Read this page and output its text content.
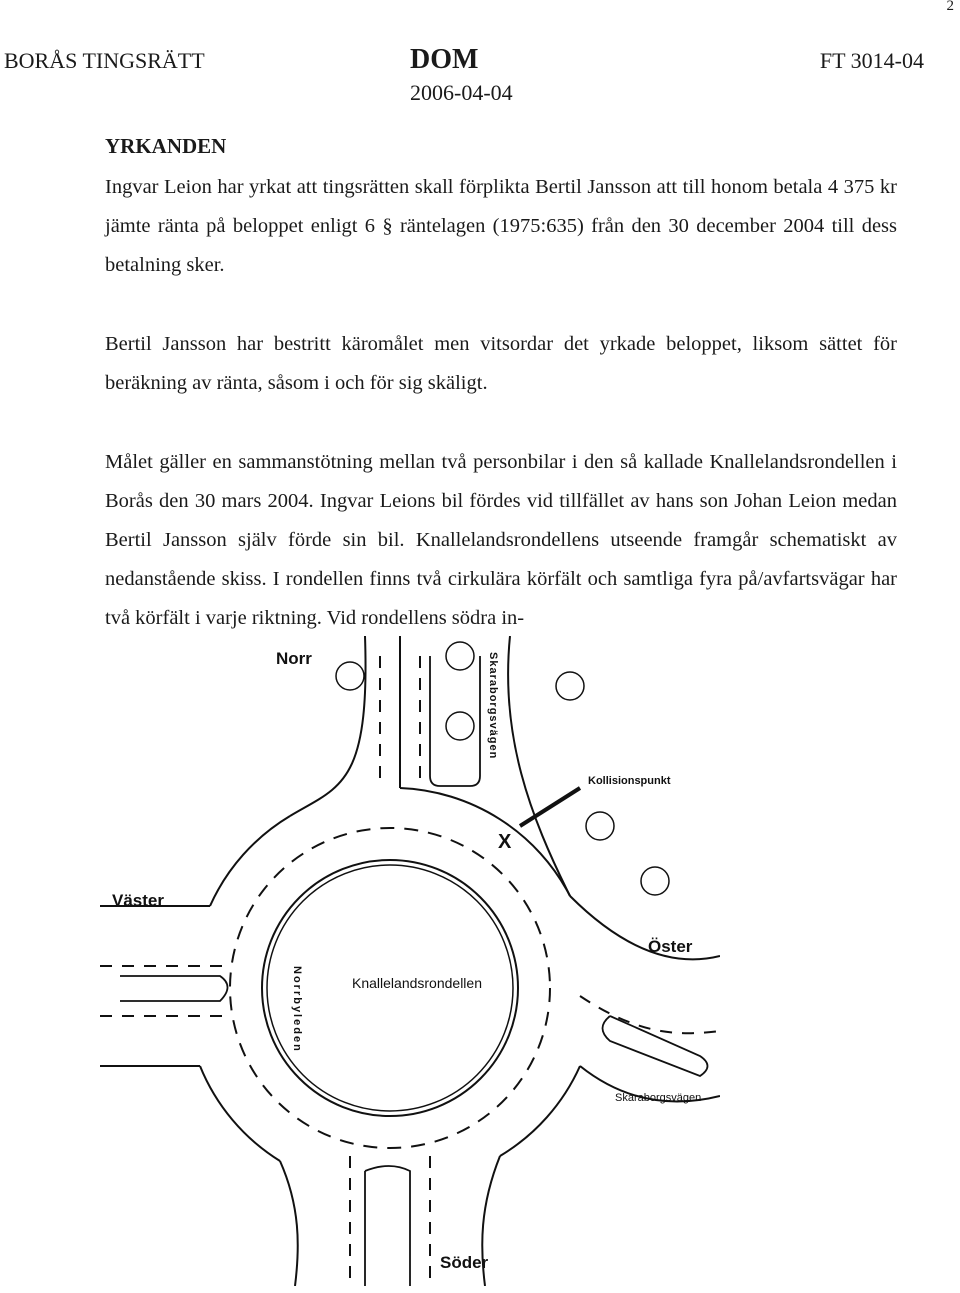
2
BORÅS TINGSRÄTT	DOM
2006-04-04
FT 3014-04
YRKANDEN

Ingvar Leion har yrkat att tingsrätten skall förplikta Bertil Jansson att till honom betala 4 375 kr jämte ränta på beloppet enligt 6 § räntelagen (1975:635) från den 30 december 2004 till dess betalning sker.

Bertil Jansson har bestritt käromålet men vitsordar det yrkade beloppet, liksom sättet för beräkning av ränta, såsom i och för sig skäligt.

Målet gäller en sammanstötning mellan två personbilar i den så kallade Knallelandsrondellen i Borås den 30 mars 2004. Ingvar Leions bil fördes vid tillfället av hans son Johan Leion medan Bertil Jansson själv förde sin bil. Knallelandsrondellens utseende framgår schematiskt av nedanstående skiss. I rondellen finns två cirkulära körfält och samtliga fyra på/avfartsvägar har två körfält i varje riktning. Vid rondellens södra in-

Norr
Väster
Öster
Söder
Knallelandsrondellen
Kollisionspunkt
X
Skaraborgsvägen
Skaraborgsvägen
Norrbyleden
